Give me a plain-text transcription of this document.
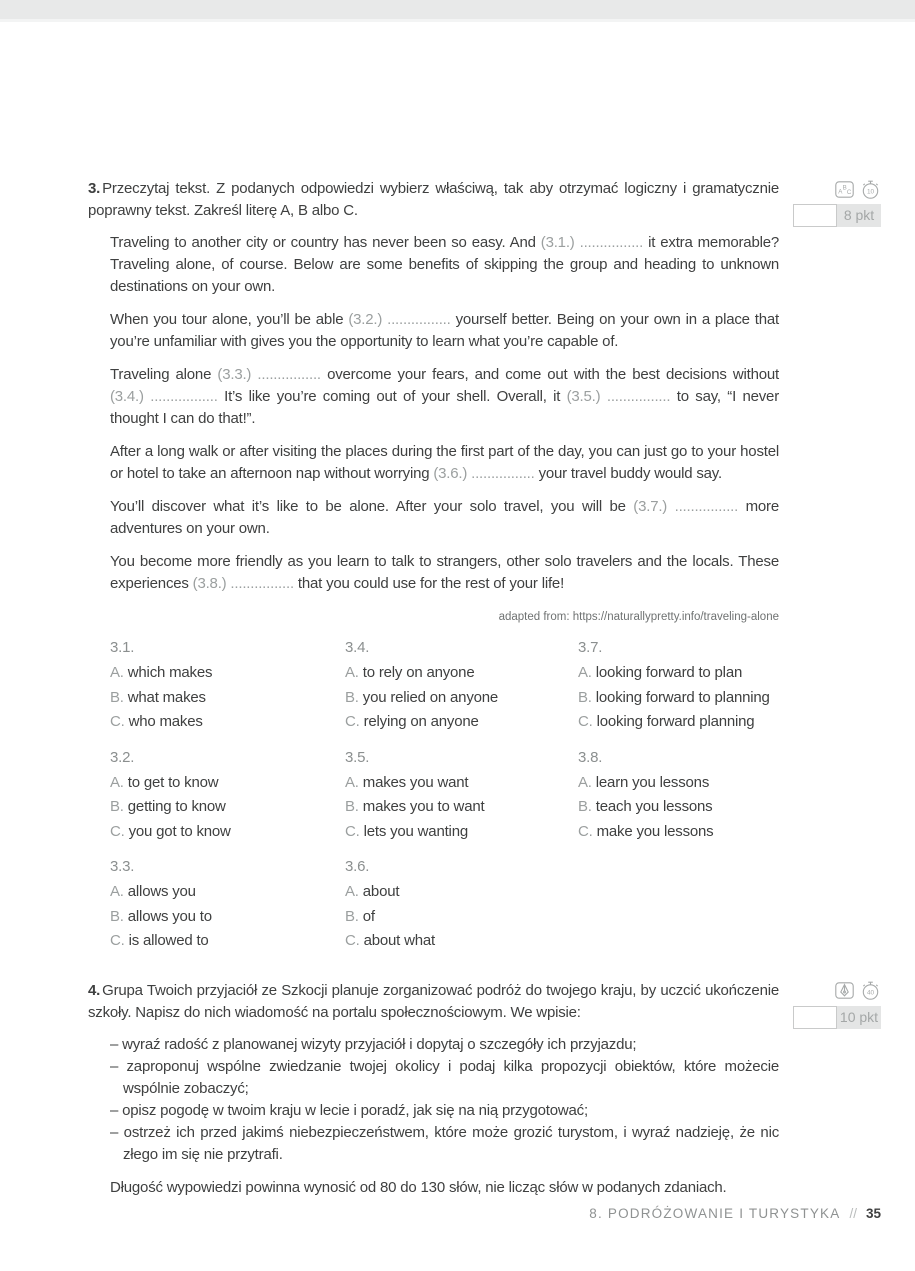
A
B
C 10
8 pkt

3. Przeczytaj tekst. Z podanych odpowiedzi wybierz właściwą, tak aby otrzymać logiczny i gramatycznie poprawny tekst. Zakreśl literę A, B albo C.

Traveling to another city or country has never been so easy. And (3.1.) ................ it extra memorable? Traveling alone, of course. Below are some benefits of skipping the group and heading to unknown destinations on your own.

When you tour alone, you’ll be able (3.2.) ................ yourself better. Being on your own in a place that you’re unfamiliar with gives you the opportunity to learn what you’re capable of.

Traveling alone (3.3.) ................ overcome your fears, and come out with the best decisions without (3.4.) ................. It’s like you’re coming out of your shell. Overall, it (3.5.) ................ to say, “I never thought I can do that!”.

After a long walk or after visiting the places during the first part of the day, you can just go to your hostel or hotel to take an afternoon nap without worrying (3.6.) ................ your travel buddy would say.

You’ll discover what it’s like to be alone. After your solo travel, you will be (3.7.) ................ more adventures on your own.

You become more friendly as you learn to talk to strangers, other solo travelers and the locals. These experiences (3.8.) ................ that you could use for the rest of your life!

adapted from: https://naturallypretty.info/traveling-alone

3.1.
A. which makes
B. what makes
C. who makes
3.2.
A. to get to know
B. getting to know
C. you got to know
3.3.
A. allows you
B. allows you to
C. is allowed to
3.4.
A. to rely on anyone
B. you relied on anyone
C. relying on anyone
3.5.
A. makes you want
B. makes you to want
C. lets you wanting
3.6.
A. about
B. of
C. about what
3.7.
A. looking forward to plan
B. looking forward to planning
C. looking forward planning
3.8.
A. learn you lessons
B. teach you lessons
C. make you lessons
40
10 pkt

4. Grupa Twoich przyjaciół ze Szkocji planuje zorganizować podróż do twojego kraju, by uczcić ukończenie szkoły. Napisz do nich wiadomość na portalu społecznościowym. We wpisie:

– wyraź radość z planowanej wizyty przyjaciół i dopytaj o szczegóły ich przyjazdu;

– zaproponuj wspólne zwiedzanie twojej okolicy i podaj kilka propozycji obiektów, które możecie wspólnie zobaczyć;

– opisz pogodę w twoim kraju w lecie i poradź, jak się na nią przygotować;

– ostrzeż ich przed jakimś niebezpieczeństwem, które może grozić turystom, i wyraź nadzieję, że nic złego im się nie przytrafi.

Długość wypowiedzi powinna wynosić od 80 do 130 słów, nie licząc słów w podanych zdaniach.

8. PODRÓŻOWANIE I TURYSTYKA // 35
